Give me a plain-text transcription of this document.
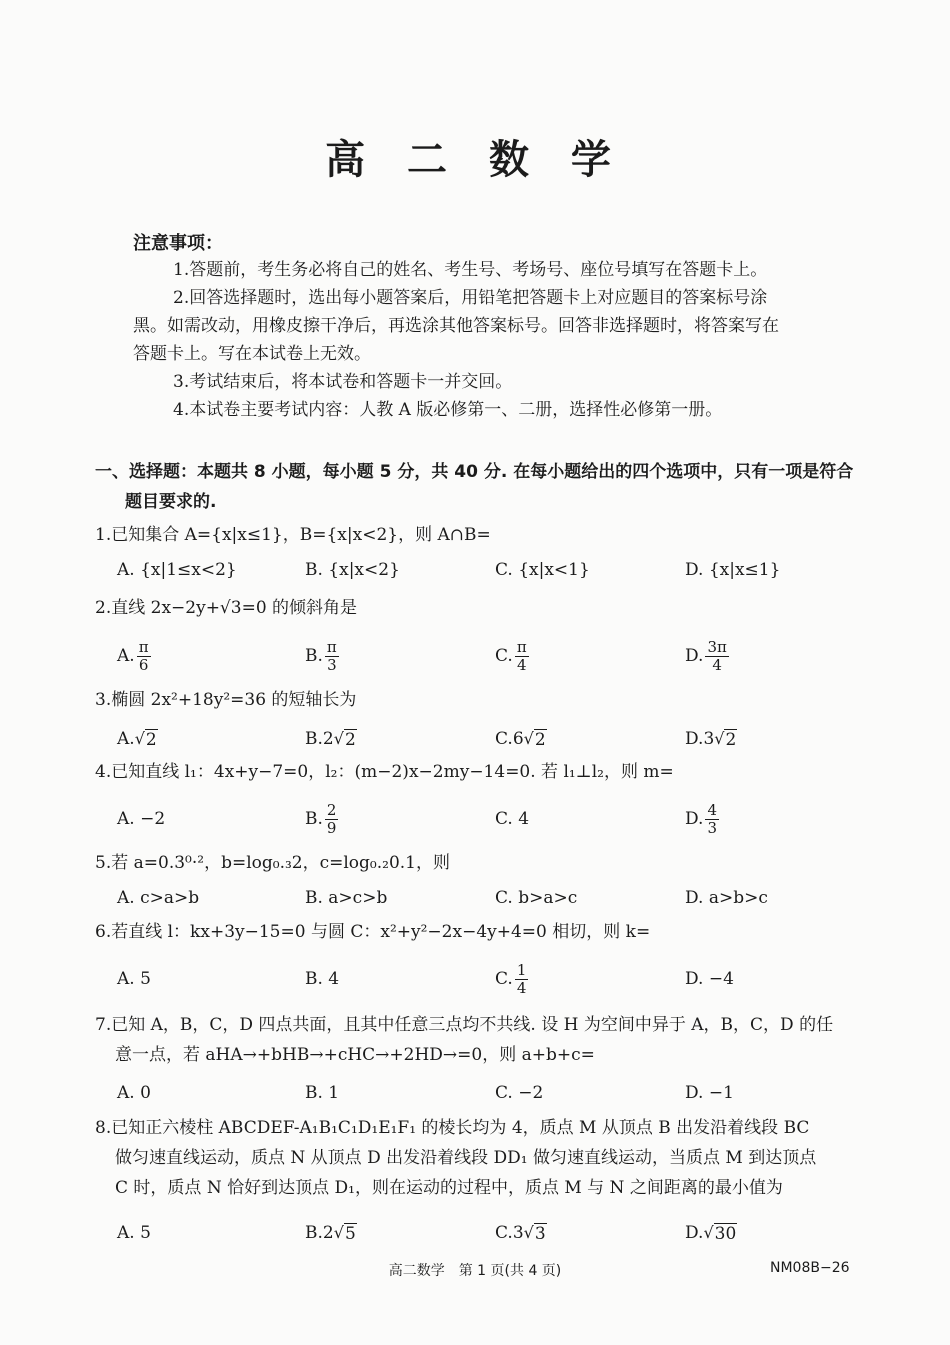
高 二 数 学
注意事项：
1.答题前，考生务必将自己的姓名、考生号、考场号、座位号填写在答题卡上。
2.回答选择题时，选出每小题答案后，用铅笔把答题卡上对应题目的答案标号涂
黑。如需改动，用橡皮擦干净后，再选涂其他答案标号。回答非选择题时，将答案写在
答题卡上。写在本试卷上无效。
3.考试结束后，将本试卷和答题卡一并交回。
4.本试卷主要考试内容：人教 A 版必修第一、二册，选择性必修第一册。
一、选择题：本题共 8 小题，每小题 5 分，共 40 分. 在每小题给出的四个选项中，只有一项是符合
题目要求的.
1.已知集合 A={x|x≤1}，B={x|x<2}，则 A∩B=
A. {x|1≤x<2}	B. {x|x<2}	C. {x|x<1}	D. {x|x≤1}
2.直线 2x−2y+√3=0 的倾斜角是
A. $\frac{\pi}{6}$	B. $\frac{\pi}{3}$	C. $\frac{\pi}{4}$	D. $\frac{3\pi}{4}$
3.椭圆 2x²+18y²=36 的短轴长为
A. √ 2	B. 2 √ 2	C. 6 √ 2	D. 3 √ 2
4.已知直线 l₁：4x+y−7=0，l₂：(m−2)x−2my−14=0. 若 l₁⊥l₂，则 m=
A. −2	B. $\frac{2}{9}$	C. 4	D. $\frac{4}{3}$
5.若 a=0.3⁰·²，b=log₀.₃2，c=log₀.₂0.1，则
A. c>a>b	B. a>c>b	C. b>a>c	D. a>b>c
6.若直线 l：kx+3y−15=0 与圆 C：x²+y²−2x−4y+4=0 相切，则 k=
A. 5	B. 4	C. $\frac{1}{4}$	D. −4
7.已知 A，B，C，D 四点共面，且其中任意三点均不共线. 设 H 为空间中异于 A，B，C，D 的任
意一点，若 aHA→+bHB→+cHC→+2HD→=0，则 a+b+c=
A. 0	B. 1	C. −2	D. −1
8.已知正六棱柱 ABCDEF-A₁B₁C₁D₁E₁F₁ 的棱长均为 4，质点 M 从顶点 B 出发沿着线段 BC
做匀速直线运动，质点 N 从顶点 D 出发沿着线段 DD₁ 做匀速直线运动，当质点 M 到达顶点
C 时，质点 N 恰好到达顶点 D₁，则在运动的过程中，质点 M 与 N 之间距离的最小值为
A. 5	B. 2 √ 5	C. 3 √ 3	D. √ 30
高二数学　第 1 页(共 4 页)	NM08B−26
